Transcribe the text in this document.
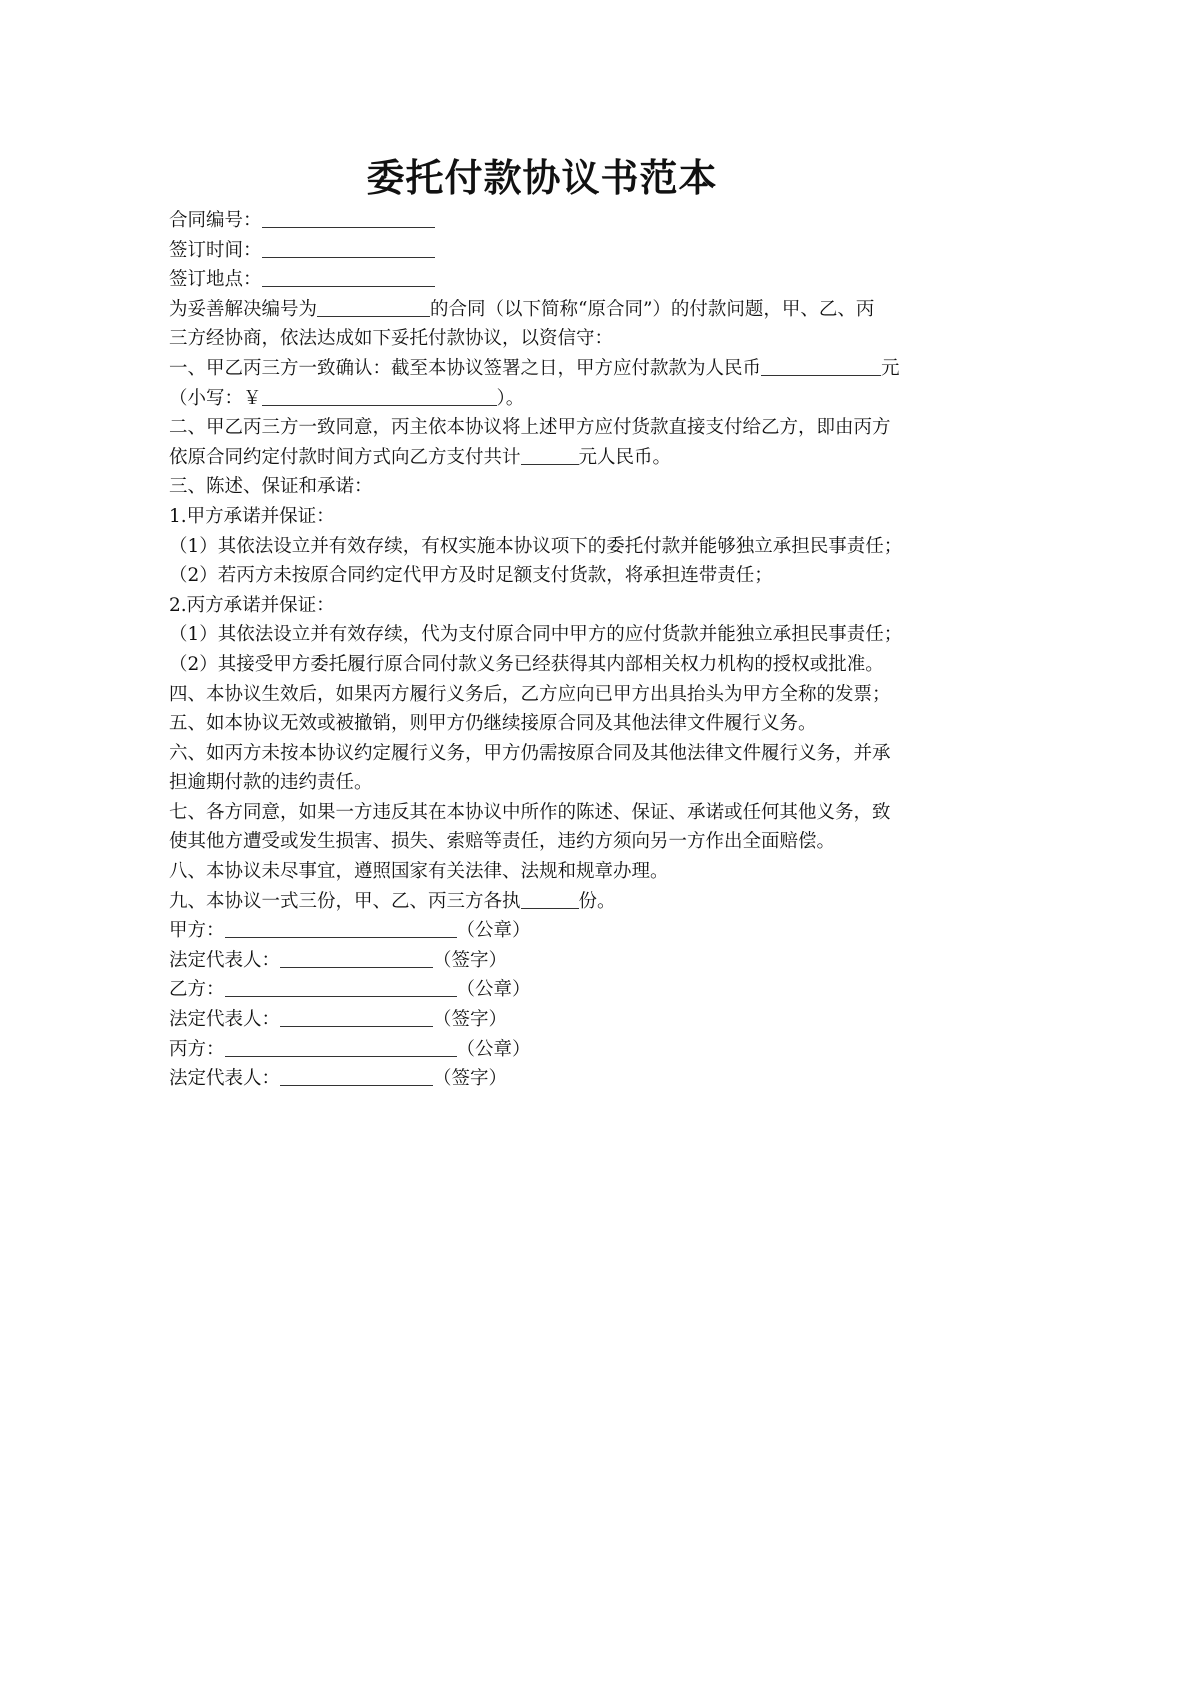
委托付款协议书范本
合同编号：
签订时间：
签订地点：
为妥善解决编号为	的合同（以下简称“原合同”）的付款问题，甲、乙、丙
三方经协商，依法达成如下妥托付款协议，以资信守：
一、甲乙丙三方一致确认：截至本协议签署之日，甲方应付款款为人民币	元
（小写：￥	）。
二、甲乙丙三方一致同意，丙主依本协议将上述甲方应付货款直接支付给乙方，即由丙方
依原合同约定付款时间方式向乙方支付共计	元人民币。
三、陈述、保证和承诺：
1.甲方承诺并保证：
（1）其依法设立并有效存续，有权实施本协议项下的委托付款并能够独立承担民事责任；
（2）若丙方未按原合同约定代甲方及时足额支付货款，将承担连带责任；
2.丙方承诺并保证：
（1）其依法设立并有效存续，代为支付原合同中甲方的应付货款并能独立承担民事责任；
（2）其接受甲方委托履行原合同付款义务已经获得其内部相关权力机构的授权或批准。
四、本协议生效后，如果丙方履行义务后，乙方应向已甲方出具抬头为甲方全称的发票；
五、如本协议无效或被撤销，则甲方仍继续接原合同及其他法律文件履行义务。
六、如丙方未按本协议约定履行义务，甲方仍需按原合同及其他法律文件履行义务，并承
担逾期付款的违约责任。
七、各方同意，如果一方违反其在本协议中所作的陈述、保证、承诺或任何其他义务，致
使其他方遭受或发生损害、损失、索赔等责任，违约方须向另一方作出全面赔偿。
八、本协议未尽事宜，遵照国家有关法律、法规和规章办理。
九、本协议一式三份，甲、乙、丙三方各执	份。
甲方：	（公章）
法定代表人：	（签字）
乙方：	（公章）
法定代表人：	（签字）
丙方：	（公章）
法定代表人：	（签字）
